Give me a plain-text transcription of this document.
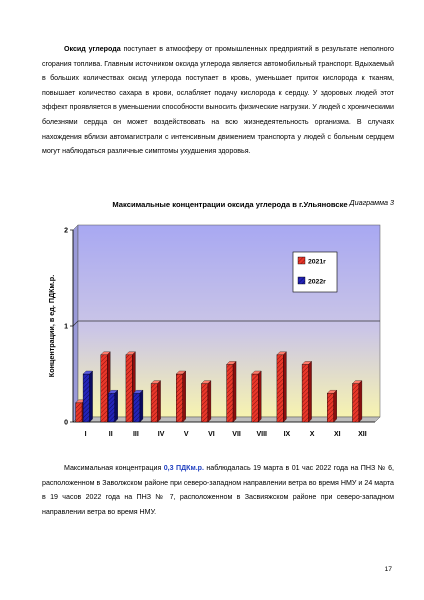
Оксид углерода поступает в атмосферу от промышленных предприятий в результате неполного сгорания топлива. Главным источником оксида углерода является автомобильный транспорт. Вдыхаемый в больших количествах оксид углерода поступает в кровь, уменьшает приток кислорода к тканям, повышает количество сахара в крови, ослабляет подачу кислорода к сердцу. У здоровых людей этот эффект проявляется в уменьшении способности выносить физические нагрузки. У людей с хроническими болезнями сердца он может воздействовать на всю жизнедеятельность организма. В случаях нахождения вблизи автомагистрали с интенсивным движением транспорта у людей с больным сердцем могут наблюдаться различные симптомы ухудшения здоровья.

Диаграмма 3
Максимальные концентрации оксида углерода в г.Ульяновске
0
1
2
Концентрации, в ед. ПДКм.р.
I	II	III	IV	V	VI	VII VIII IX	X	XI	XII
2021г
2022г
Максимальная концентрация 0,3 ПДКм.р. наблюдалась 19 марта в 01 час 2022 года на ПНЗ № 6, расположенном в Заволжском районе при северо-западном направлении ветра во время НМУ и 24 марта в 19 часов 2022 года на ПНЗ № 7, расположенном в Засвияжском районе при северо-западном направлении ветра во время НМУ.
17
